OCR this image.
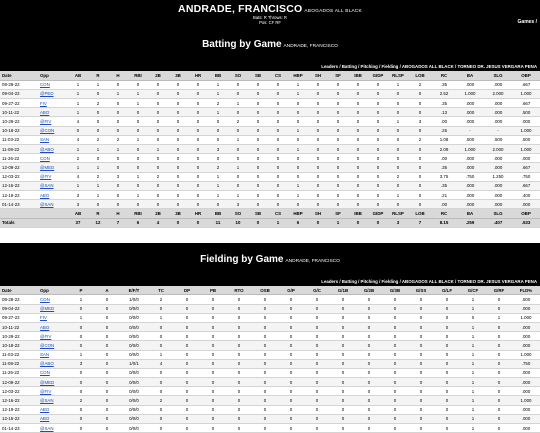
ANDRADE, FRANCISCO ABOGADOS ALL BLACK
Bats: R Throws: R
Pos: CF RF	Games /
Batting by Game ANDRADE, FRANCISCO
Leaders / Batting / Pitching / Fielding / ABOGADOS ALL BLACK / TORNEO DR. JESUS VERGARA PENA
Date	Opp	AB	R	H	RBI	2B	3B	HR	BB	SO	SB	CS	HBP	SH	SF	IBB	GIDP	RLSP	LOB	RC	BA	SLG	OBP
08-28-22	CON	1	1	0	0	0	0	0	1	0	0	0	1	0	0	0	0	1	2	.35	.000	.000	.667
09-04-22	@PED	1	0	1	1	0	0	0	1	0	0	0	1	0	0	0	0	0	0	2.52	1.000	2.000	1.000
09-27-22	FIV	1	2	0	1	0	0	0	2	1	0	0	0	0	0	0	0	0	0	.35	.000	.000	.667
10-11-22	ABO	1	0	0	0	0	0	0	1	0	0	0	0	0	0	0	0	0	0	.13	.000	.000	.500
10-29-22	@FIV	4	0	0	0	0	0	0	0	2	0	0	0	0	0	0	0	1	3	.00	.000	.000	.000
10-18-22	@CON	0	0	0	0	0	0	0	0	0	0	0	1	0	0	0	0	0	0	.26	-	-	1.000
11-03-22	SAN	4	2	2	1	0	0	0	0	1	0	0	0	0	0	0	0	0	2	1.08	.500	.500	.500
11-08-22	@ABO	1	1	1	0	1	0	0	3	0	0	0	1	0	0	0	0	0	0	2.09	1.000	2.000	1.000
11-26-22	CON	2	0	0	0	0	0	0	0	0	0	0	0	0	0	0	0	0	0	.00	.000	.000	.000
12-09-22	@MED	1	1	0	0	0	0	0	2	1	0	0	0	0	0	0	0	0	0	.35	.000	.000	.667
12-03-22	@FIV	4	2	3	1	2	0	0	1	0	0	0	0	0	0	0	0	2	0	3.75	.750	1.250	.750
12-16-22	@SAN	1	1	0	0	0	0	0	1	0	0	0	1	0	0	0	0	0	0	.35	.000	.000	.667
12-19-22	ABO	3	1	0	1	0	0	0	1	1	0	0	1	0	0	0	0	1	0	.21	.000	.000	.400
01-14-23	@SAN	3	0	0	0	0	0	0	0	3	0	0	0	0	0	0	0	0	0	.00	.000	.000	.000
		AB	R	H	RBI	2B	3B	HR	BB	SO	SB	CS	HBP	SH	SF	IBB	GIDP	RLSP	LOB	RC	BA	SLG	OBP
Totals		37	12	7	6	4	0	0	11	10	0	1	6	0	1	0	0	3	7	8.15	.259	.407	.533
Fielding by Game ANDRADE, FRANCISCO
Leaders / Batting / Pitching / Fielding / ABOGADOS ALL BLACK / TORNEO DR. JESUS VERGARA PENA
Date	Opp	P	A	E/F/T	TC	DP	PB	RTO	OSB	G/P	G/C	G/1B	G/2B	G/3B	G/SS	G/LF	G/CF	G/RF	FLD%
08-28-22	CON	1	0	1/0/0	2	0	0	0	0	0	0	0	0	0	0	0	1	0	.500
09-04-22	@MED	0	0	0/0/0	0	0	0	0	0	0	0	0	0	0	0	0	1	0	.000
09-27-22	FIV	1	0	0/0/0	1	0	0	0	0	0	0	0	0	0	0	0	0	1	1.000
10-11-22	ABO	0	0	0/0/0	0	0	0	0	0	0	0	0	0	0	0	0	1	0	.000
10-29-22	@FIV	0	0	0/0/0	0	0	0	0	0	0	0	0	0	0	0	0	1	0	.000
10-18-22	@CON	0	0	0/0/0	0	0	0	0	0	0	0	0	0	0	0	0	1	0	.000
11-03-22	SAN	1	0	0/0/0	1	0	0	0	0	0	0	0	0	0	0	0	1	0	1.000
11-08-22	@ABO	3	0	1/0/1	4	0	0	0	0	0	0	0	0	0	0	0	1	0	.750
11-26-22	CON	0	0	0/0/0	0	0	0	0	0	0	0	0	0	0	0	0	1	0	.000
12-09-22	@MED	0	0	0/0/0	0	0	0	0	0	0	0	0	0	0	0	0	1	0	.000
12-03-22	@FIV	0	0	0/0/0	0	0	0	0	0	0	0	0	0	0	0	0	1	0	.000
12-16-22	@SAN	2	0	0/0/0	2	0	0	0	0	0	0	0	0	0	0	0	1	0	1.000
12-19-22	ABO	0	0	0/0/0	0	0	0	0	0	0	0	0	0	0	0	0	1	0	.000
12-15-22	ABO	0	0	0/0/0	0	0	0	0	0	0	0	0	0	0	0	0	1	0	.000
01-14-23	@SAN	0	0	0/0/0	0	0	0	0	0	0	0	0	0	0	0	0	1	0	.000
